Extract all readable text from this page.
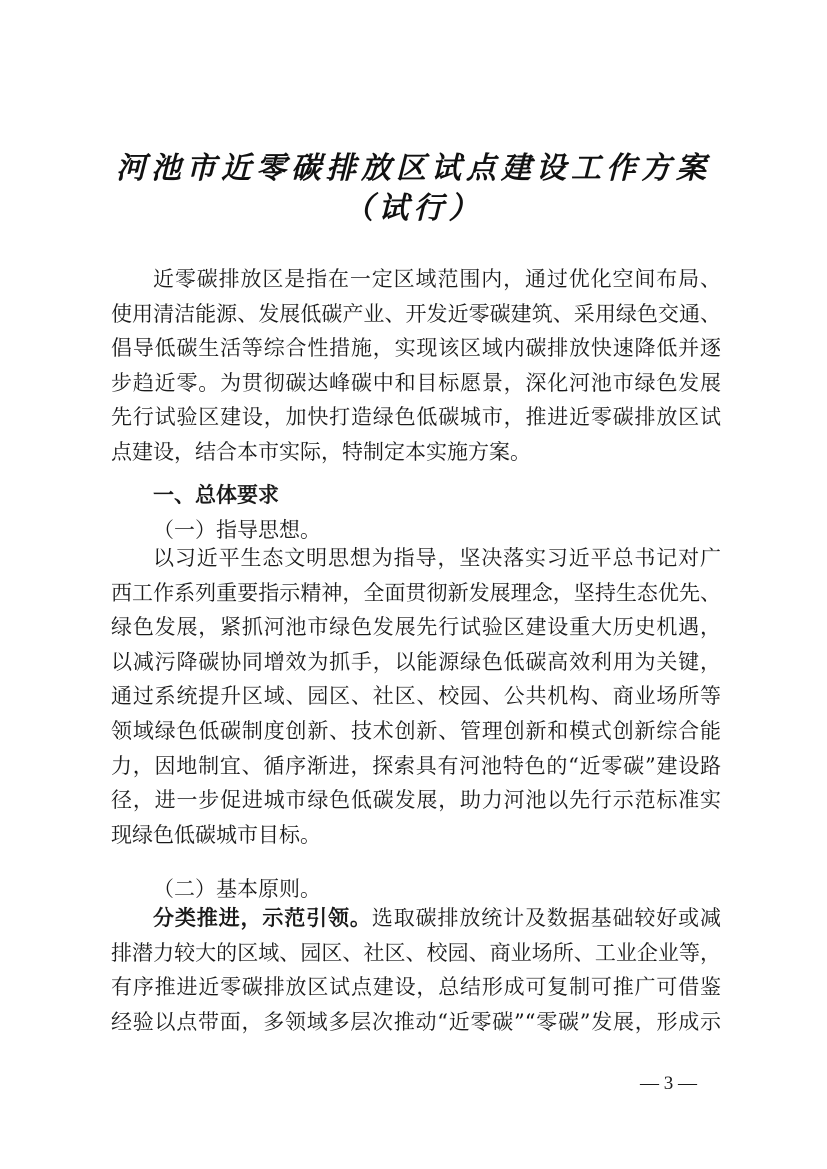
河池市近零碳排放区试点建设工作方案
（试行）
近零碳排放区是指在一定区域范围内，通过优化空间布局、
使用清洁能源、发展低碳产业、开发近零碳建筑、采用绿色交通、
倡导低碳生活等综合性措施，实现该区域内碳排放快速降低并逐
步趋近零。为贯彻碳达峰碳中和目标愿景，深化河池市绿色发展
先行试验区建设，加快打造绿色低碳城市，推进近零碳排放区试
点建设，结合本市实际，特制定本实施方案。
一、总体要求
（一）指导思想。
以习近平生态文明思想为指导，坚决落实习近平总书记对广
西工作系列重要指示精神，全面贯彻新发展理念，坚持生态优先、
绿色发展，紧抓河池市绿色发展先行试验区建设重大历史机遇，
以减污降碳协同增效为抓手，以能源绿色低碳高效利用为关键，
通过系统提升区域、园区、社区、校园、公共机构、商业场所等
领域绿色低碳制度创新、技术创新、管理创新和模式创新综合能
力，因地制宜、循序渐进，探索具有河池特色的“近零碳”建设路
径，进一步促进城市绿色低碳发展，助力河池以先行示范标准实
现绿色低碳城市目标。
（二）基本原则。
分类推进，示范引领。选取碳排放统计及数据基础较好或减
排潜力较大的区域、园区、社区、校园、商业场所、工业企业等，
有序推进近零碳排放区试点建设，总结形成可复制可推广可借鉴
经验以点带面，多领域多层次推动“近零碳”“零碳”发展，形成示
— 3 —
